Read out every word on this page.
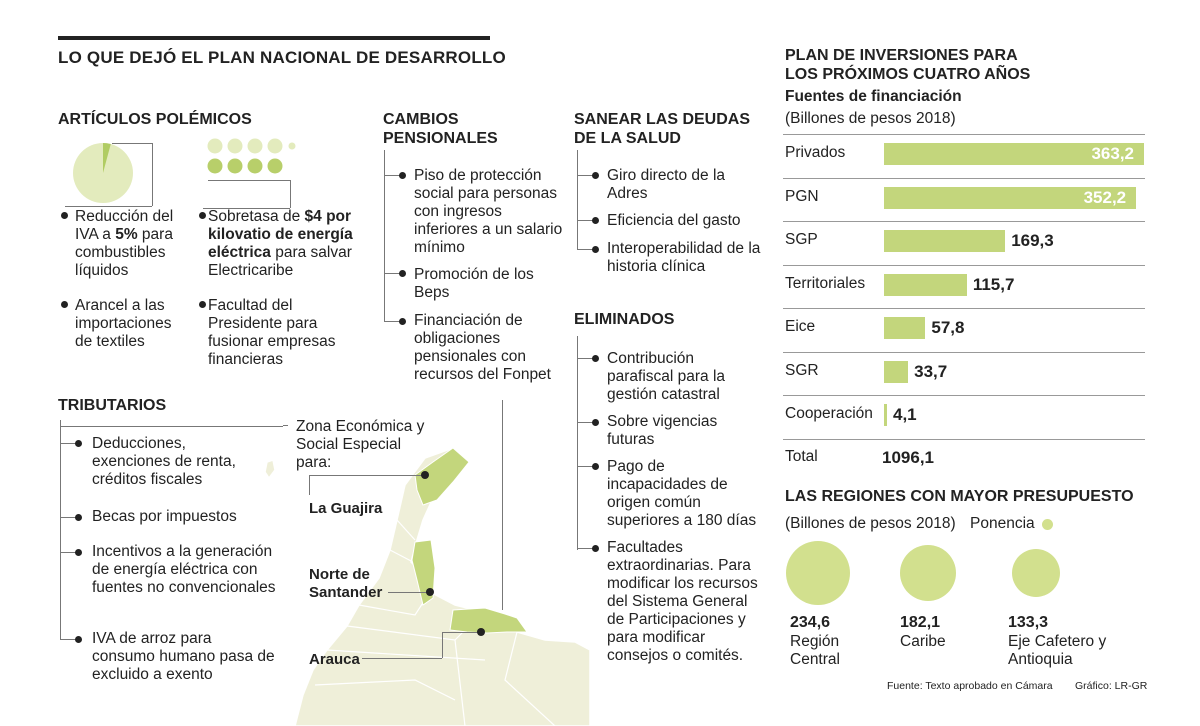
LO QUE DEJÓ EL PLAN NACIONAL DE DESARROLLO
ARTÍCULOS POLÉMICOS
Reducción del IVA a 5% para combustibles líquidos
Arancel a las importaciones de textiles
Sobretasa de $4 por kilovatio de energía eléctrica para salvar Electricaribe
Facultad del Presidente para fusionar empresas financieras
CAMBIOS PENSIONALES
Piso de protección social para personas con ingresos inferiores a un salario mínimo
Promoción de los Beps
Financiación de obligaciones pensionales con recursos del Fonpet
SANEAR LAS DEUDAS DE LA SALUD
Giro directo de la Adres
Eficiencia del gasto
Interoperabilidad de la historia clínica
ELIMINADOS
Contribución parafiscal para la gestión catastral
Sobre vigencias futuras
Pago de incapacidades de origen común superiores a 180 días
Facultades extraordinarias. Para modificar los recursos del Sistema General de Participaciones y para modificar consejos o comités.
Zona Económica y Social Especial para:
La Guajira
Norte de Santander
Arauca
TRIBUTARIOS
Deducciones, exenciones de renta, créditos fiscales
Becas por impuestos
Incentivos a la generación de energía eléctrica con fuentes no convencionales
IVA de arroz para consumo humano pasa de excluido a exento
PLAN DE INVERSIONES PARA LOS PRÓXIMOS CUATRO AÑOS
Fuentes de financiación
(Billones de pesos 2018)
Privados	363,2
PGN	352,2
SGP	169,3
Territoriales	115,7
Eice	57,8
SGR	33,7
Cooperación 4,1
Total	1096,1
LAS REGIONES CON MAYOR PRESUPUESTO
(Billones de pesos 2018) Ponencia
234,6
Región Central
182,1
Caribe
133,3
Eje Cafetero y Antioquia
Fuente: Texto aprobado en Cámara Gráfico: LR-GR
